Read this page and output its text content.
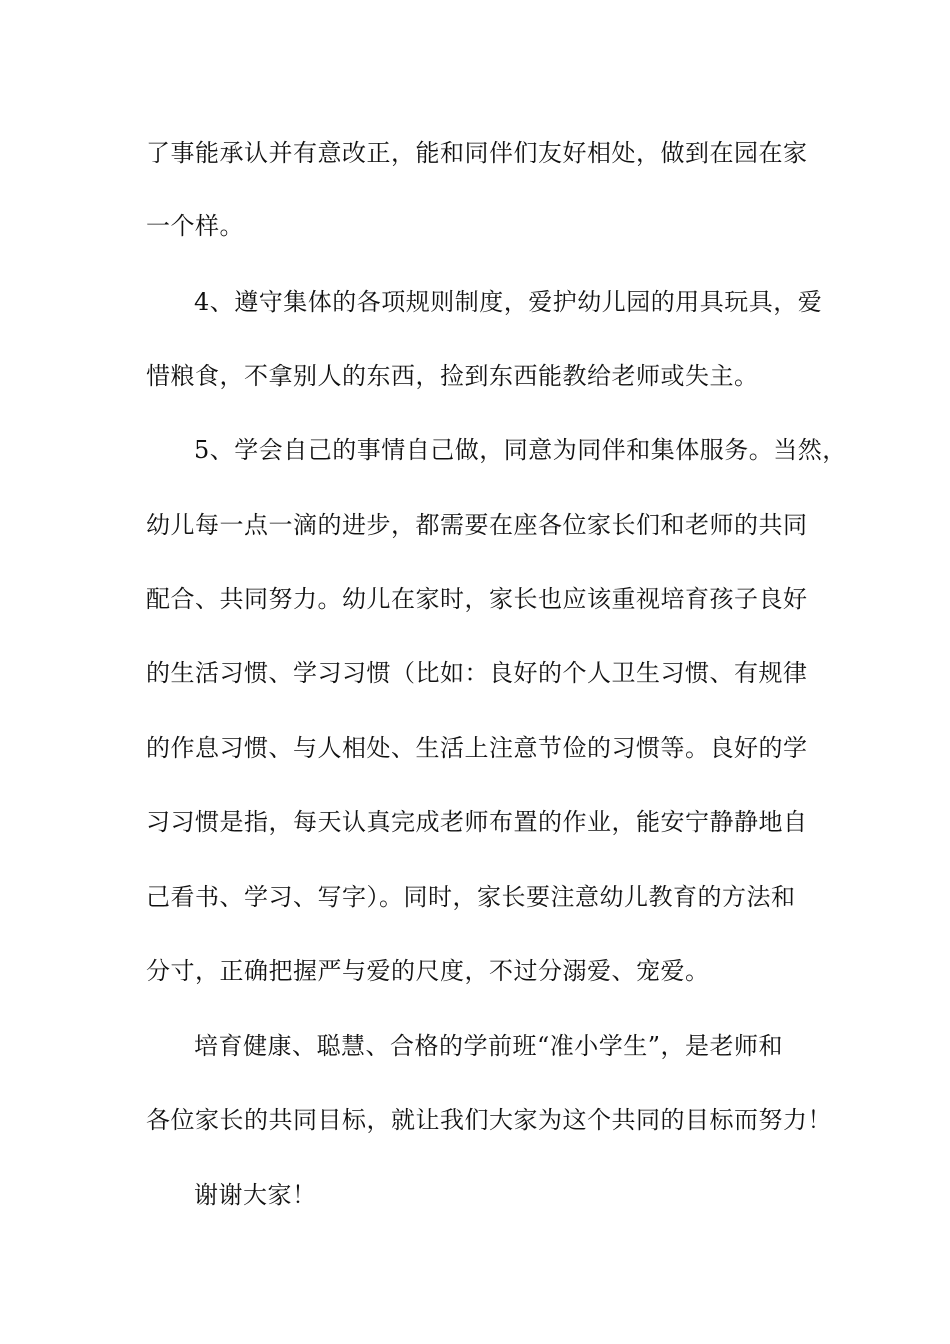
了事能承认并有意改正，能和同伴们友好相处，做到在园在家
一个样。
4、遵守集体的各项规则制度，爱护幼儿园的用具玩具，爱
惜粮食，不拿别人的东西，捡到东西能教给老师或失主。
5、学会自己的事情自己做，同意为同伴和集体服务。当然，
幼儿每一点一滴的进步，都需要在座各位家长们和老师的共同
配合、共同努力。幼儿在家时，家长也应该重视培育孩子良好
的生活习惯、学习习惯（比如：良好的个人卫生习惯、有规律
的作息习惯、与人相处、生活上注意节俭的习惯等。良好的学
习习惯是指，每天认真完成老师布置的作业，能安宁静静地自
己看书、学习、写字）。同时，家长要注意幼儿教育的方法和
分寸，正确把握严与爱的尺度，不过分溺爱、宠爱。
培育健康、聪慧、合格的学前班“准小学生”，是老师和
各位家长的共同目标，就让我们大家为这个共同的目标而努力！
谢谢大家！
